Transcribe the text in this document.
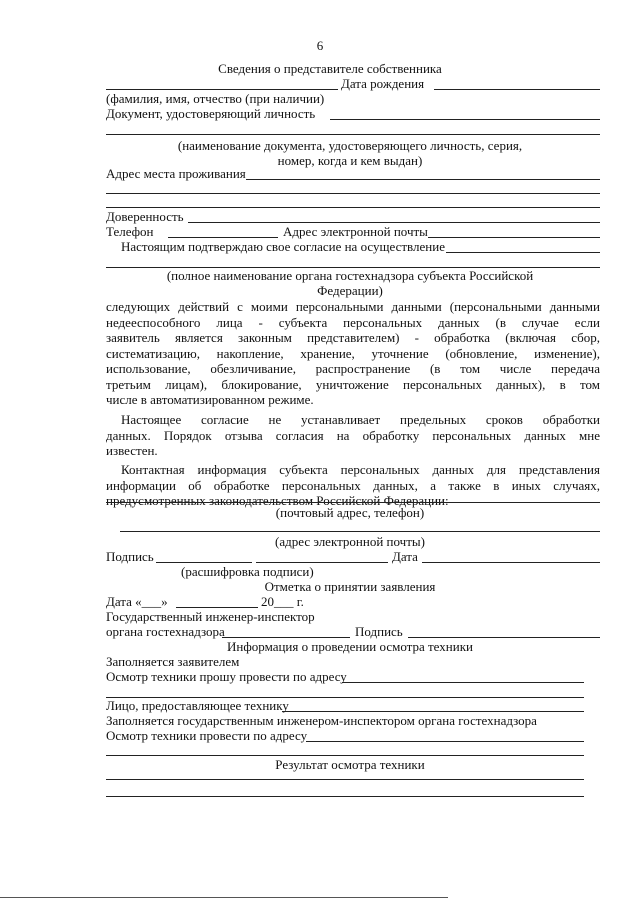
6
Сведения о представителе собственника
Дата рождения
(фамилия, имя, отчество (при наличии)
Документ, удостоверяющий личность
(наименование документа, удостоверяющего личность, серия,
номер, когда и кем выдан)
Адрес места проживания
Доверенность
Телефон	Адрес электронной почты
Настоящим подтверждаю свое согласие на осуществление
(полное наименование органа гостехнадзора субъекта Российской
Федерации)
следующих действий с моими персональными данными (персональными данными
недееспособного лица - субъекта персональных данных (в случае если
заявитель является законным представителем) - обработка (включая сбор,
систематизацию, накопление, хранение, уточнение (обновление, изменение),
использование, обезличивание, распространение (в том числе передача
третьим лицам), блокирование, уничтожение персональных данных), в том
числе в автоматизированном режиме.
Настоящее согласие не устанавливает предельных сроков обработки
данных. Порядок отзыва согласия на обработку персональных данных мне
известен.
Контактная информация субъекта персональных данных для представления
информации об обработке персональных данных, а также в иных случаях,
предусмотренных законодательством Российской Федерации:
(почтовый адрес, телефон)
(адрес электронной почты)
Подпись	Дата
(расшифровка подписи)
Отметка о принятии заявления
Дата «___»	20___ г.
Государственный инженер-инспектор
органа гостехнадзора	Подпись
Информация о проведении осмотра техники
Заполняется заявителем
Осмотр техники прошу провести по адресу
Лицо, предоставляющее технику
Заполняется государственным инженером-инспектором органа гостехнадзора
Осмотр техники провести по адресу
Результат осмотра техники
